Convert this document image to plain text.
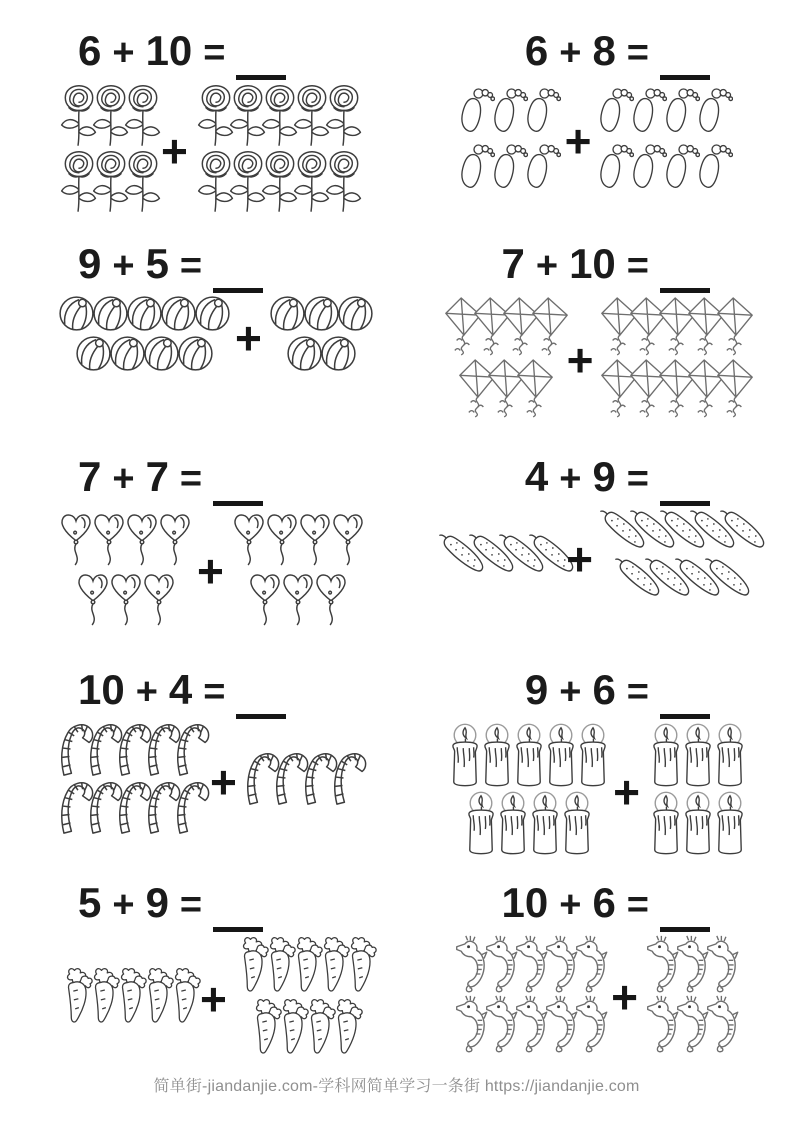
6 + 10 =
+
6 + 8 =
+
9 + 5 =
+
7 + 10 =
+
7 + 7 =
+
4 + 9 =
+
10 + 4 =
+
9 + 6 =
+
5 + 9 =
+
10 + 6 =
+
简单街-jiandanjie.com-学科网简单学习一条街 https://jiandanjie.com
